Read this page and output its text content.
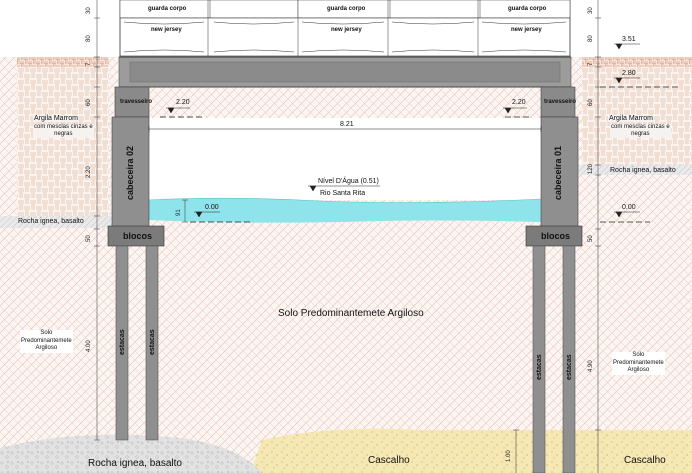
guarda corpo	guarda corpo	guarda corpo
new jersey	new jersey	new jersey
travesseiro	travesseiro
cabeceira 02	cabeceira 01
blocos	blocos
estacas	estacas
estacas	estacas
8.21
Nível D'Água (0.51)
Rio Santa Rita
2.20	2.20
3.51
2.80
0.00	0.00
Argila Marrom
com mesclas cinzas e
negras
Argila Marrom
com mesclas cinzas e
negras
Rocha ignea, basalto
Rocha ignea, basalto
Solo Predominantemete Argiloso
Solo
Predominantemete
Argiloso
Solo
Predominantemete
Argiloso
Rocha ignea, basalto	Cascalho	Cascalho
30
80
7
60
2.20
50
4.00
91
30
80
7
60
120
50
4.90
1.00
